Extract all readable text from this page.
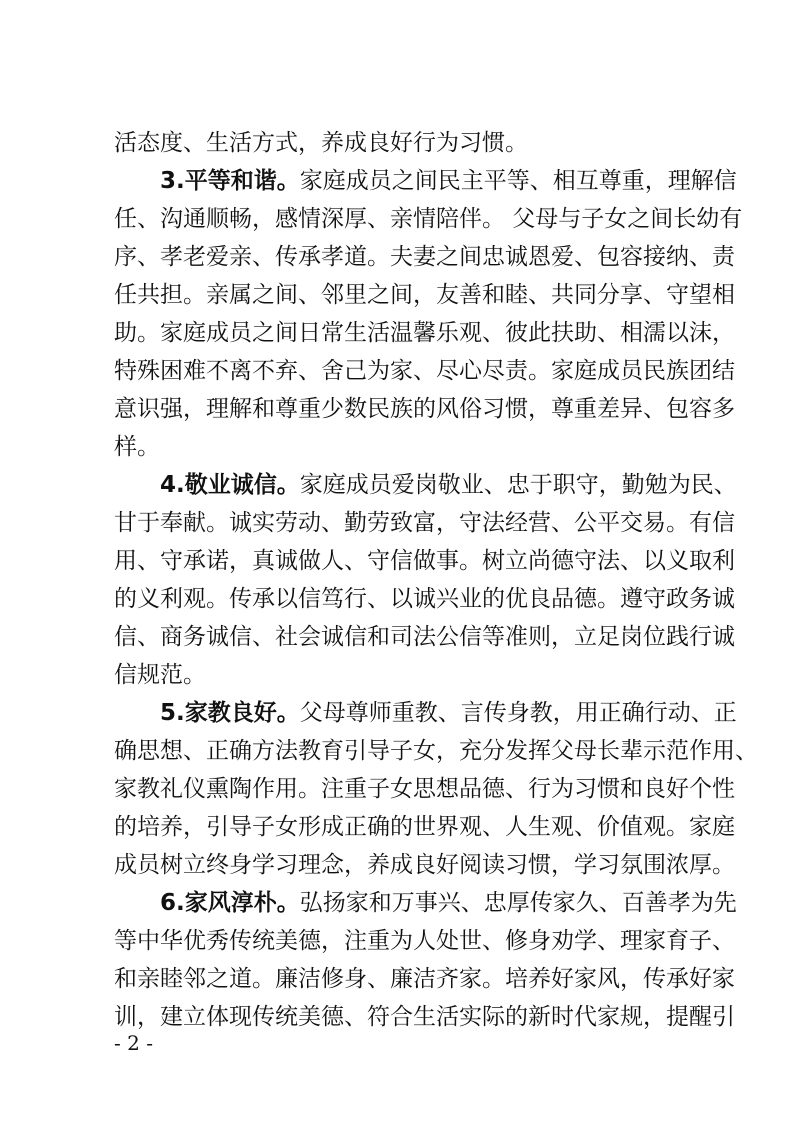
活态度、生活方式，养成良好行为习惯。
3.平等和谐。家庭成员之间民主平等、相互尊重，理解信
任、沟通顺畅，感情深厚、亲情陪伴。 父母与子女之间长幼有
序、孝老爱亲、传承孝道。夫妻之间忠诚恩爱、包容接纳、责
任共担。亲属之间、邻里之间，友善和睦、共同分享、守望相
助。家庭成员之间日常生活温馨乐观、彼此扶助、相濡以沫，
特殊困难不离不弃、舍己为家、尽心尽责。家庭成员民族团结
意识强，理解和尊重少数民族的风俗习惯，尊重差异、包容多
样。
4.敬业诚信。家庭成员爱岗敬业、忠于职守，勤勉为民、
甘于奉献。诚实劳动、勤劳致富，守法经营、公平交易。有信
用、守承诺，真诚做人、守信做事。树立尚德守法、以义取利
的义利观。传承以信笃行、以诚兴业的优良品德。遵守政务诚
信、商务诚信、社会诚信和司法公信等准则，立足岗位践行诚
信规范。
5.家教良好。父母尊师重教、言传身教，用正确行动、正
确思想、正确方法教育引导子女，充分发挥父母长辈示范作用、
家教礼仪熏陶作用。注重子女思想品德、行为习惯和良好个性
的培养，引导子女形成正确的世界观、人生观、价值观。家庭
成员树立终身学习理念，养成良好阅读习惯，学习氛围浓厚。
6.家风淳朴。弘扬家和万事兴、忠厚传家久、百善孝为先
等中华优秀传统美德，注重为人处世、修身劝学、理家育子、
和亲睦邻之道。廉洁修身、廉洁齐家。培养好家风，传承好家
训，建立体现传统美德、符合生活实际的新时代家规，提醒引
- 2 -
